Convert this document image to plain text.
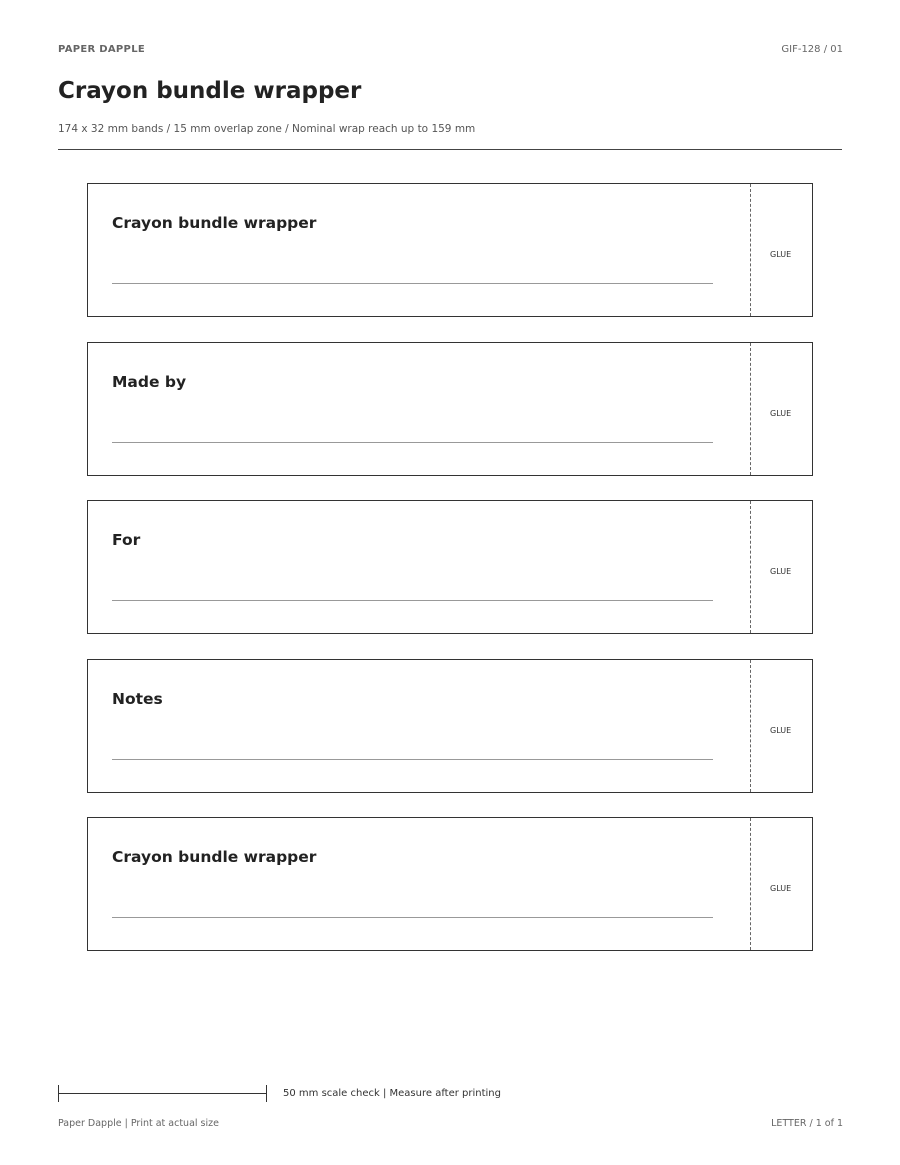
PAPER DAPPLE	GIF-128 / 01
Crayon bundle wrapper
174 x 32 mm bands / 15 mm overlap zone / Nominal wrap reach up to 159 mm
Crayon bundle wrapper
GLUE
Made by
GLUE
For
GLUE
Notes
GLUE
Crayon bundle wrapper
GLUE
50 mm scale check | Measure after printing
Paper Dapple | Print at actual size	LETTER / 1 of 1
